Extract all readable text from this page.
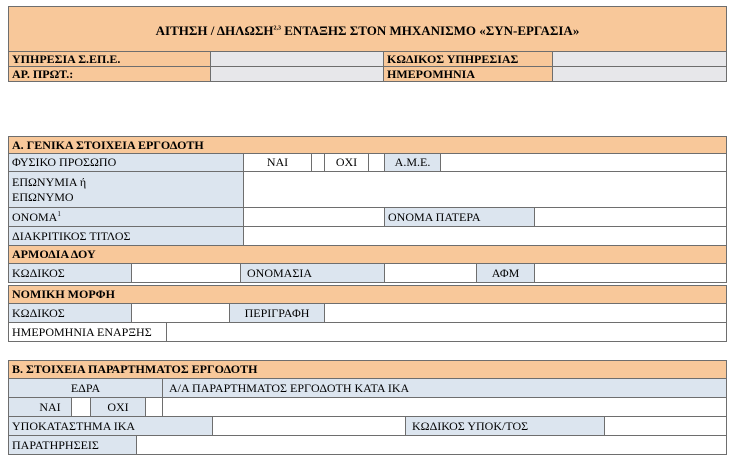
ΑΙΤΗΣΗ / ΔΗΛΩΣΗ$^{2,3}$ ΕΝΤΑΞΗΣ ΣΤΟΝ ΜΗΧΑΝΙΣΜΟ «ΣΥΝ-ΕΡΓΑΣΙΑ»
ΥΠΗΡΕΣΙΑ Σ.ΕΠ.Ε.	ΚΩΔΙΚΟΣ ΥΠΗΡΕΣΙΑΣ
ΑΡ. ΠΡΩΤ.:	ΗΜΕΡΟΜΗΝΙΑ
Α. ΓΕΝΙΚΑ ΣΤΟΙΧΕΙΑ ΕΡΓΟΔΟΤΗ
ΦΥΣΙΚΟ ΠΡΟΣΩΠΟ	ΝΑΙ	ΟΧΙ	Α.Μ.Ε.
ΕΠΩΝΥΜΙΑ ή
ΕΠΩΝΥΜΟ
ΟΝΟΜΑ$^1$	ΟΝΟΜΑ ΠΑΤΕΡΑ
ΔΙΑΚΡΙΤΙΚΟΣ ΤΙΤΛΟΣ
ΑΡΜΟΔΙΑ ΔΟΥ
ΚΩΔΙΚΟΣ	ΟΝΟΜΑΣΙΑ	ΑΦΜ
ΝΟΜΙΚΗ ΜΟΡΦΗ
ΚΩΔΙΚΟΣ	ΠΕΡΙΓΡΑΦΗ
ΗΜΕΡΟΜΗΝΙΑ ΕΝΑΡΞΗΣ
Β. ΣΤΟΙΧΕΙΑ ΠΑΡΑΡΤΗΜΑΤΟΣ ΕΡΓΟΔΟΤΗ
ΕΔΡΑ	Α/Α ΠΑΡΑΡΤΗΜΑΤΟΣ ΕΡΓΟΔΟΤΗ ΚΑΤΑ ΙΚΑ
ΝΑΙ	ΟΧΙ
ΥΠΟΚΑΤΑΣΤΗΜΑ ΙΚΑ	ΚΩΔΙΚΟΣ ΥΠΟΚ/ΤΟΣ
ΠΑΡΑΤΗΡΗΣΕΙΣ
